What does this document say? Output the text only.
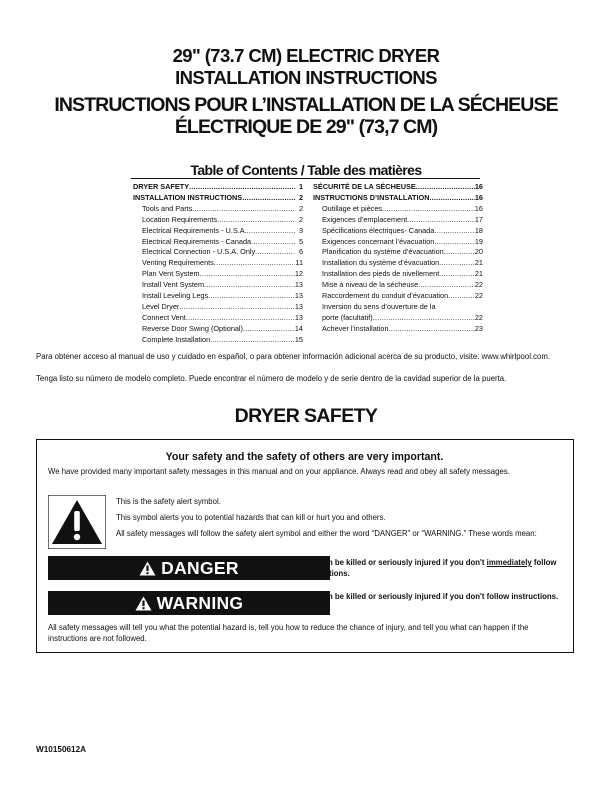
29" (73.7 CM) ELECTRIC DRYER
INSTALLATION INSTRUCTIONS
INSTRUCTIONS POUR L’INSTALLATION DE LA SÉCHEUSE
ÉLECTRIQUE DE 29" (73,7 CM)
Table of Contents / Table des matières
DRYER SAFETY .....	1
INSTALLATION INSTRUCTIONS .....	2
Tools and Parts .....	2
Location Requirements .....	2
Electrical Requirements - U.S.A. .....	3
Electrical Requirements - Canada .....	5
Electrical Connection - U.S.A. Only .....	6
Venting Requirements .....	11
Plan Vent System .....	12
Install Vent System .....	13
Install Leveling Legs .....	13
Level Dryer .....	13
Connect Vent .....	13
Reverse Door Swing (Optional) .....	14
Complete Installation .....	15
SÉCURITÉ DE LA SÉCHEUSE .....	16
INSTRUCTIONS D’INSTALLATION .....	16
Outillage et pièces .....	16
Exigences d’emplacement .....	17
Spécifications électriques- Canada .....	18
Exigences concernant l’évacuation .....	19
Planification du système d’évacuation .....	20
Installation du système d’évacuation .....	21
Installation des pieds de nivellement .....	21
Mise à niveau de la sécheuse .....	22
Raccordement du conduit d’évacuation .....	22
Inversion du sens d’ouverture de la
porte (facultatif) .....	22
Achever l’installation .....	23
Para obtener acceso al manual de uso y cuidado en español, o para obtener información adicional acerca de su producto, visite: www.whirlpool.com.
Tenga listo su número de modelo completo. Puede encontrar el número de modelo y de serie dentro de la cavidad superior de la puerta.
DRYER SAFETY
Your safety and the safety of others are very important.
We have provided many important safety messages in this manual and on your appliance. Always read and obey all safety messages.
This is the safety alert symbol.
This symbol alerts you to potential hazards that can kill or hurt you and others.
All safety messages will follow the safety alert symbol and either the word “DANGER” or “WARNING.” These words mean:
DANGER	You can be killed or seriously injured if you don't immediately follow instructions.
WARNING	You can be killed or seriously injured if you don't follow instructions.
All safety messages will tell you what the potential hazard is, tell you how to reduce the chance of injury, and tell you what can happen if the instructions are not followed.
W10150612A
